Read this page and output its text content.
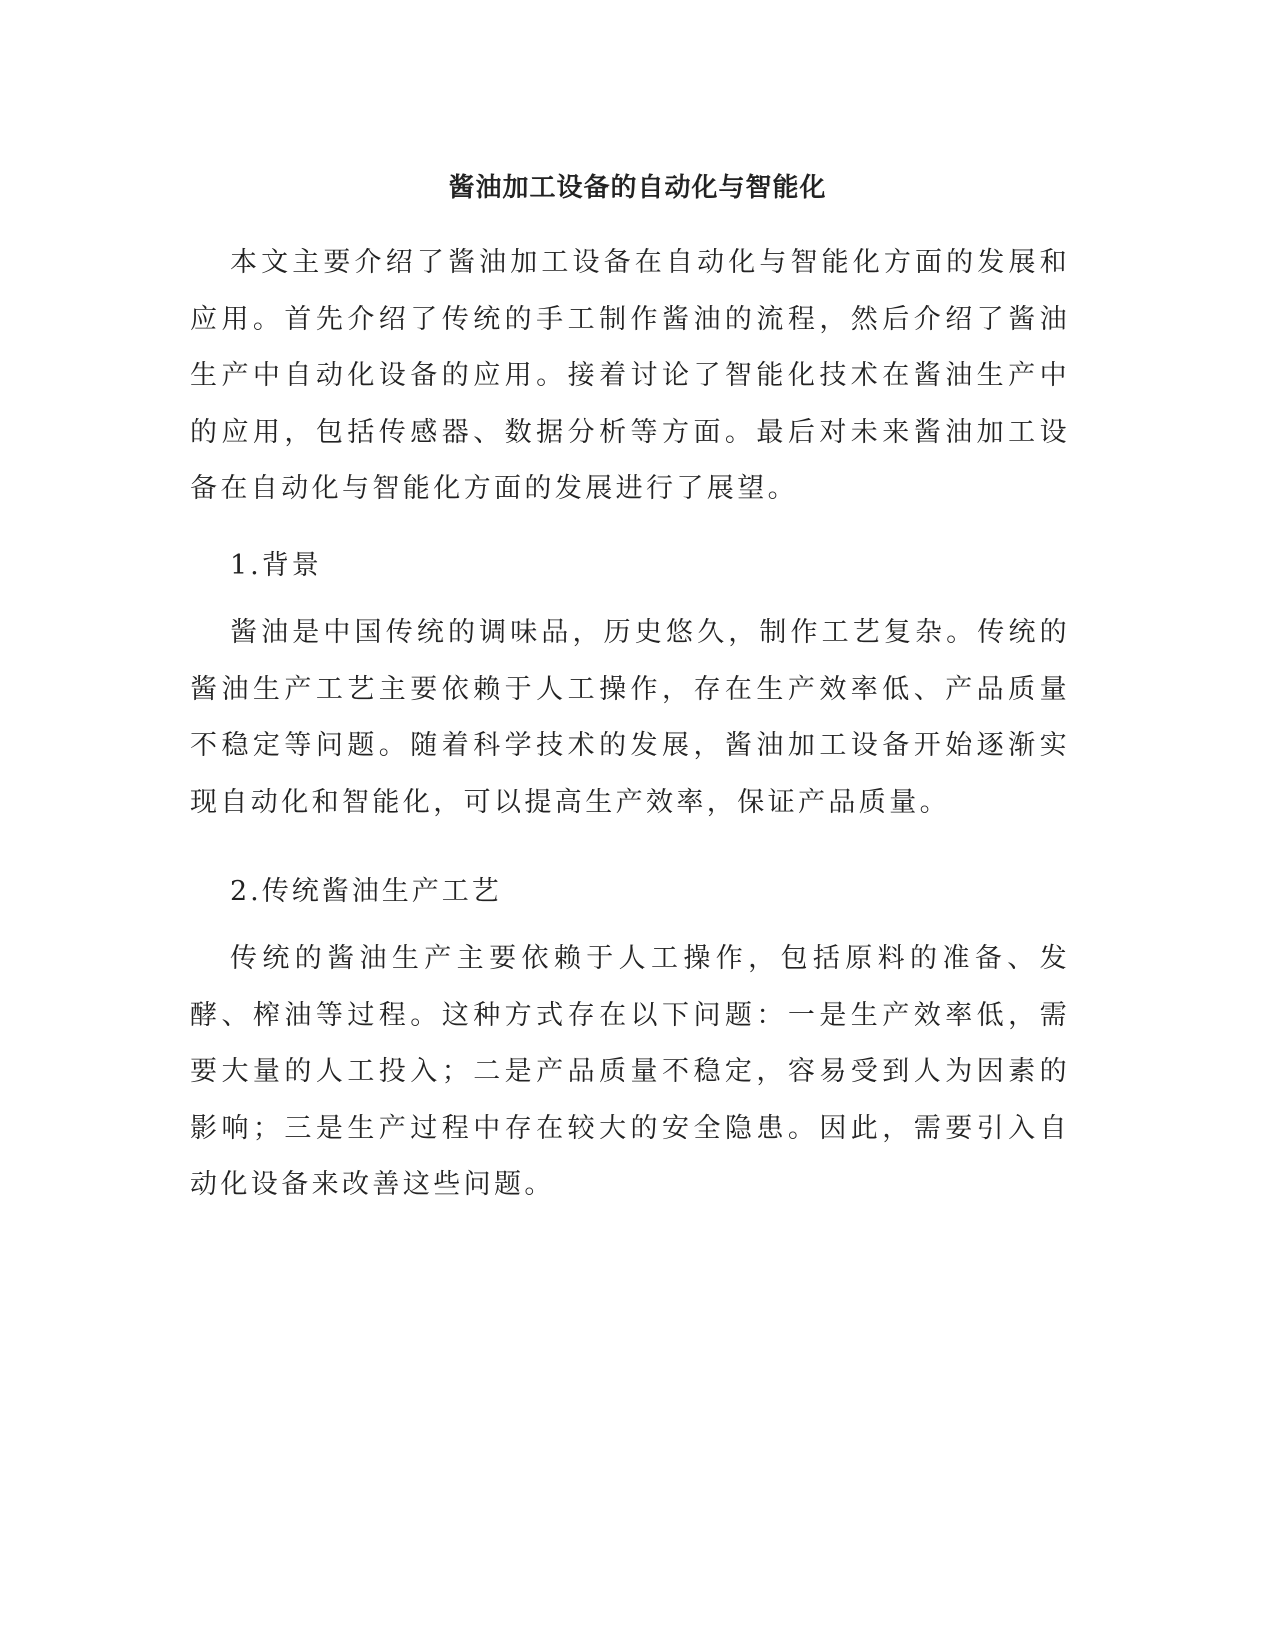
酱油加工设备的自动化与智能化

本文主要介绍了酱油加工设备在自动化与智能化方面的发展和应用。首先介绍了传统的手工制作酱油的流程，然后介绍了酱油生产中自动化设备的应用。接着讨论了智能化技术在酱油生产中的应用，包括传感器、数据分析等方面。最后对未来酱油加工设备在自动化与智能化方面的发展进行了展望。

1.背景

酱油是中国传统的调味品，历史悠久，制作工艺复杂。传统的酱油生产工艺主要依赖于人工操作，存在生产效率低、产品质量不稳定等问题。随着科学技术的发展，酱油加工设备开始逐渐实现自动化和智能化，可以提高生产效率，保证产品质量。

2.传统酱油生产工艺

传统的酱油生产主要依赖于人工操作，包括原料的准备、发酵、榨油等过程。这种方式存在以下问题：一是生产效率低，需要大量的人工投入；二是产品质量不稳定，容易受到人为因素的影响；三是生产过程中存在较大的安全隐患。因此，需要引入自动化设备来改善这些问题。
